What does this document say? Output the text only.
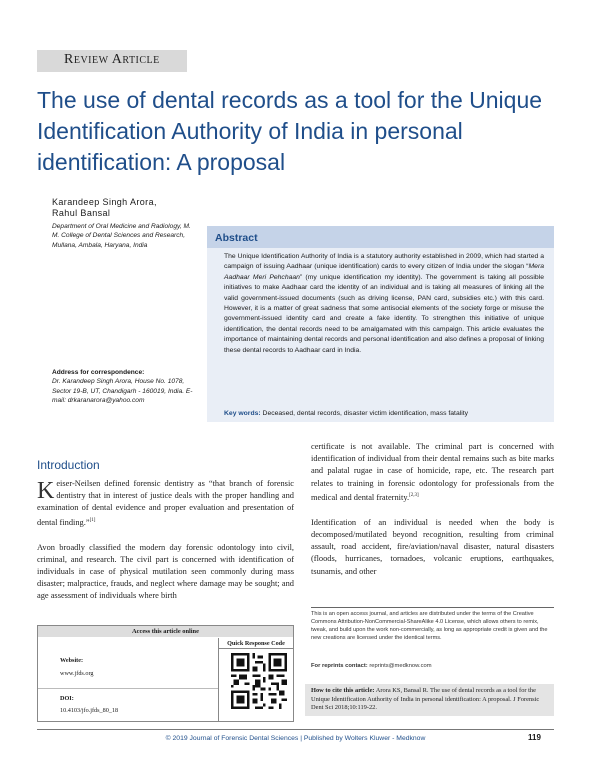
Review Article
The use of dental records as a tool for the Unique Identification Authority of India in personal identification: A proposal
Karandeep Singh Arora,
Rahul Bansal
Department of Oral Medicine and Radiology, M. M. College of Dental Sciences and Research, Mullana, Ambala, Haryana, India
Address for correspondence:
Dr. Karandeep Singh Arora, House No. 1078, Sector 19-B, UT, Chandigarh - 160019, India. E-mail: drkaranarora@yahoo.com
Abstract
The Unique Identification Authority of India is a statutory authority established in 2009, which had started a campaign of issuing Aadhaar (unique identification) cards to every citizen of India under the slogan “Mera Aadhaar Meri Pehchaan” (my unique identification my identity). The government is taking all possible initiatives to make Aadhaar card the identity of an individual and is taking all measures of linking all the valid government-issued documents (such as driving license, PAN card, subsidies etc.) with this card. However, it is a matter of great sadness that some antisocial elements of the society forge or misuse the government-issued identity card and create a fake identity. To strengthen this initiative of unique identification, the dental records need to be amalgamated with this campaign. This article evaluates the importance of maintaining dental records and personal identification and also defines a proposal of linking these dental records to Aadhaar card in India.
Key words: Deceased, dental records, disaster victim identification, mass fatality
Introduction

Keiser-Neilsen defined forensic dentistry as “that branch of forensic dentistry that in interest of justice deals with the proper handling and examination of dental evidence and proper evaluation and presentation of dental finding.”[1]

Avon broadly classified the modern day forensic odontology into civil, criminal, and research. The civil part is concerned with identification of individuals in case of physical mutilation seen commonly during mass disaster; malpractice, frauds, and neglect where damage may be sought; and age assessment of individuals where birth

certificate is not available. The criminal part is concerned with identification of individual from their dental remains such as bite marks and palatal rugae in case of homicide, rape, etc. The research part relates to training in forensic odontology for professionals from the medical and dental fraternity.[2,3]

Identification of an individual is needed when the body is decomposed/mutilated beyond recognition, resulting from criminal assault, road accident, fire/aviation/naval disaster, natural disasters (floods, hurricanes, tornadoes, volcanic eruptions, earthquakes, tsunamis, and other

Access this article online
Quick Response Code
Website:
www.jfds.org
DOI:
10.4103/jfo.jfds_80_18
This is an open access journal, and articles are distributed under the terms of the Creative Commons Attribution-NonCommercial-ShareAlike 4.0 License, which allows others to remix, tweak, and build upon the work non-commercially, as long as appropriate credit is given and the new creations are licensed under the identical terms.
For reprints contact: reprints@medknow.com
How to cite this article: Arora KS, Bansal R. The use of dental records as a tool for the Unique Identification Authority of India in personal identification: A proposal. J Forensic Dent Sci 2018;10:119-22.
© 2019 Journal of Forensic Dental Sciences | Published by Wolters Kluwer - Medknow	119
